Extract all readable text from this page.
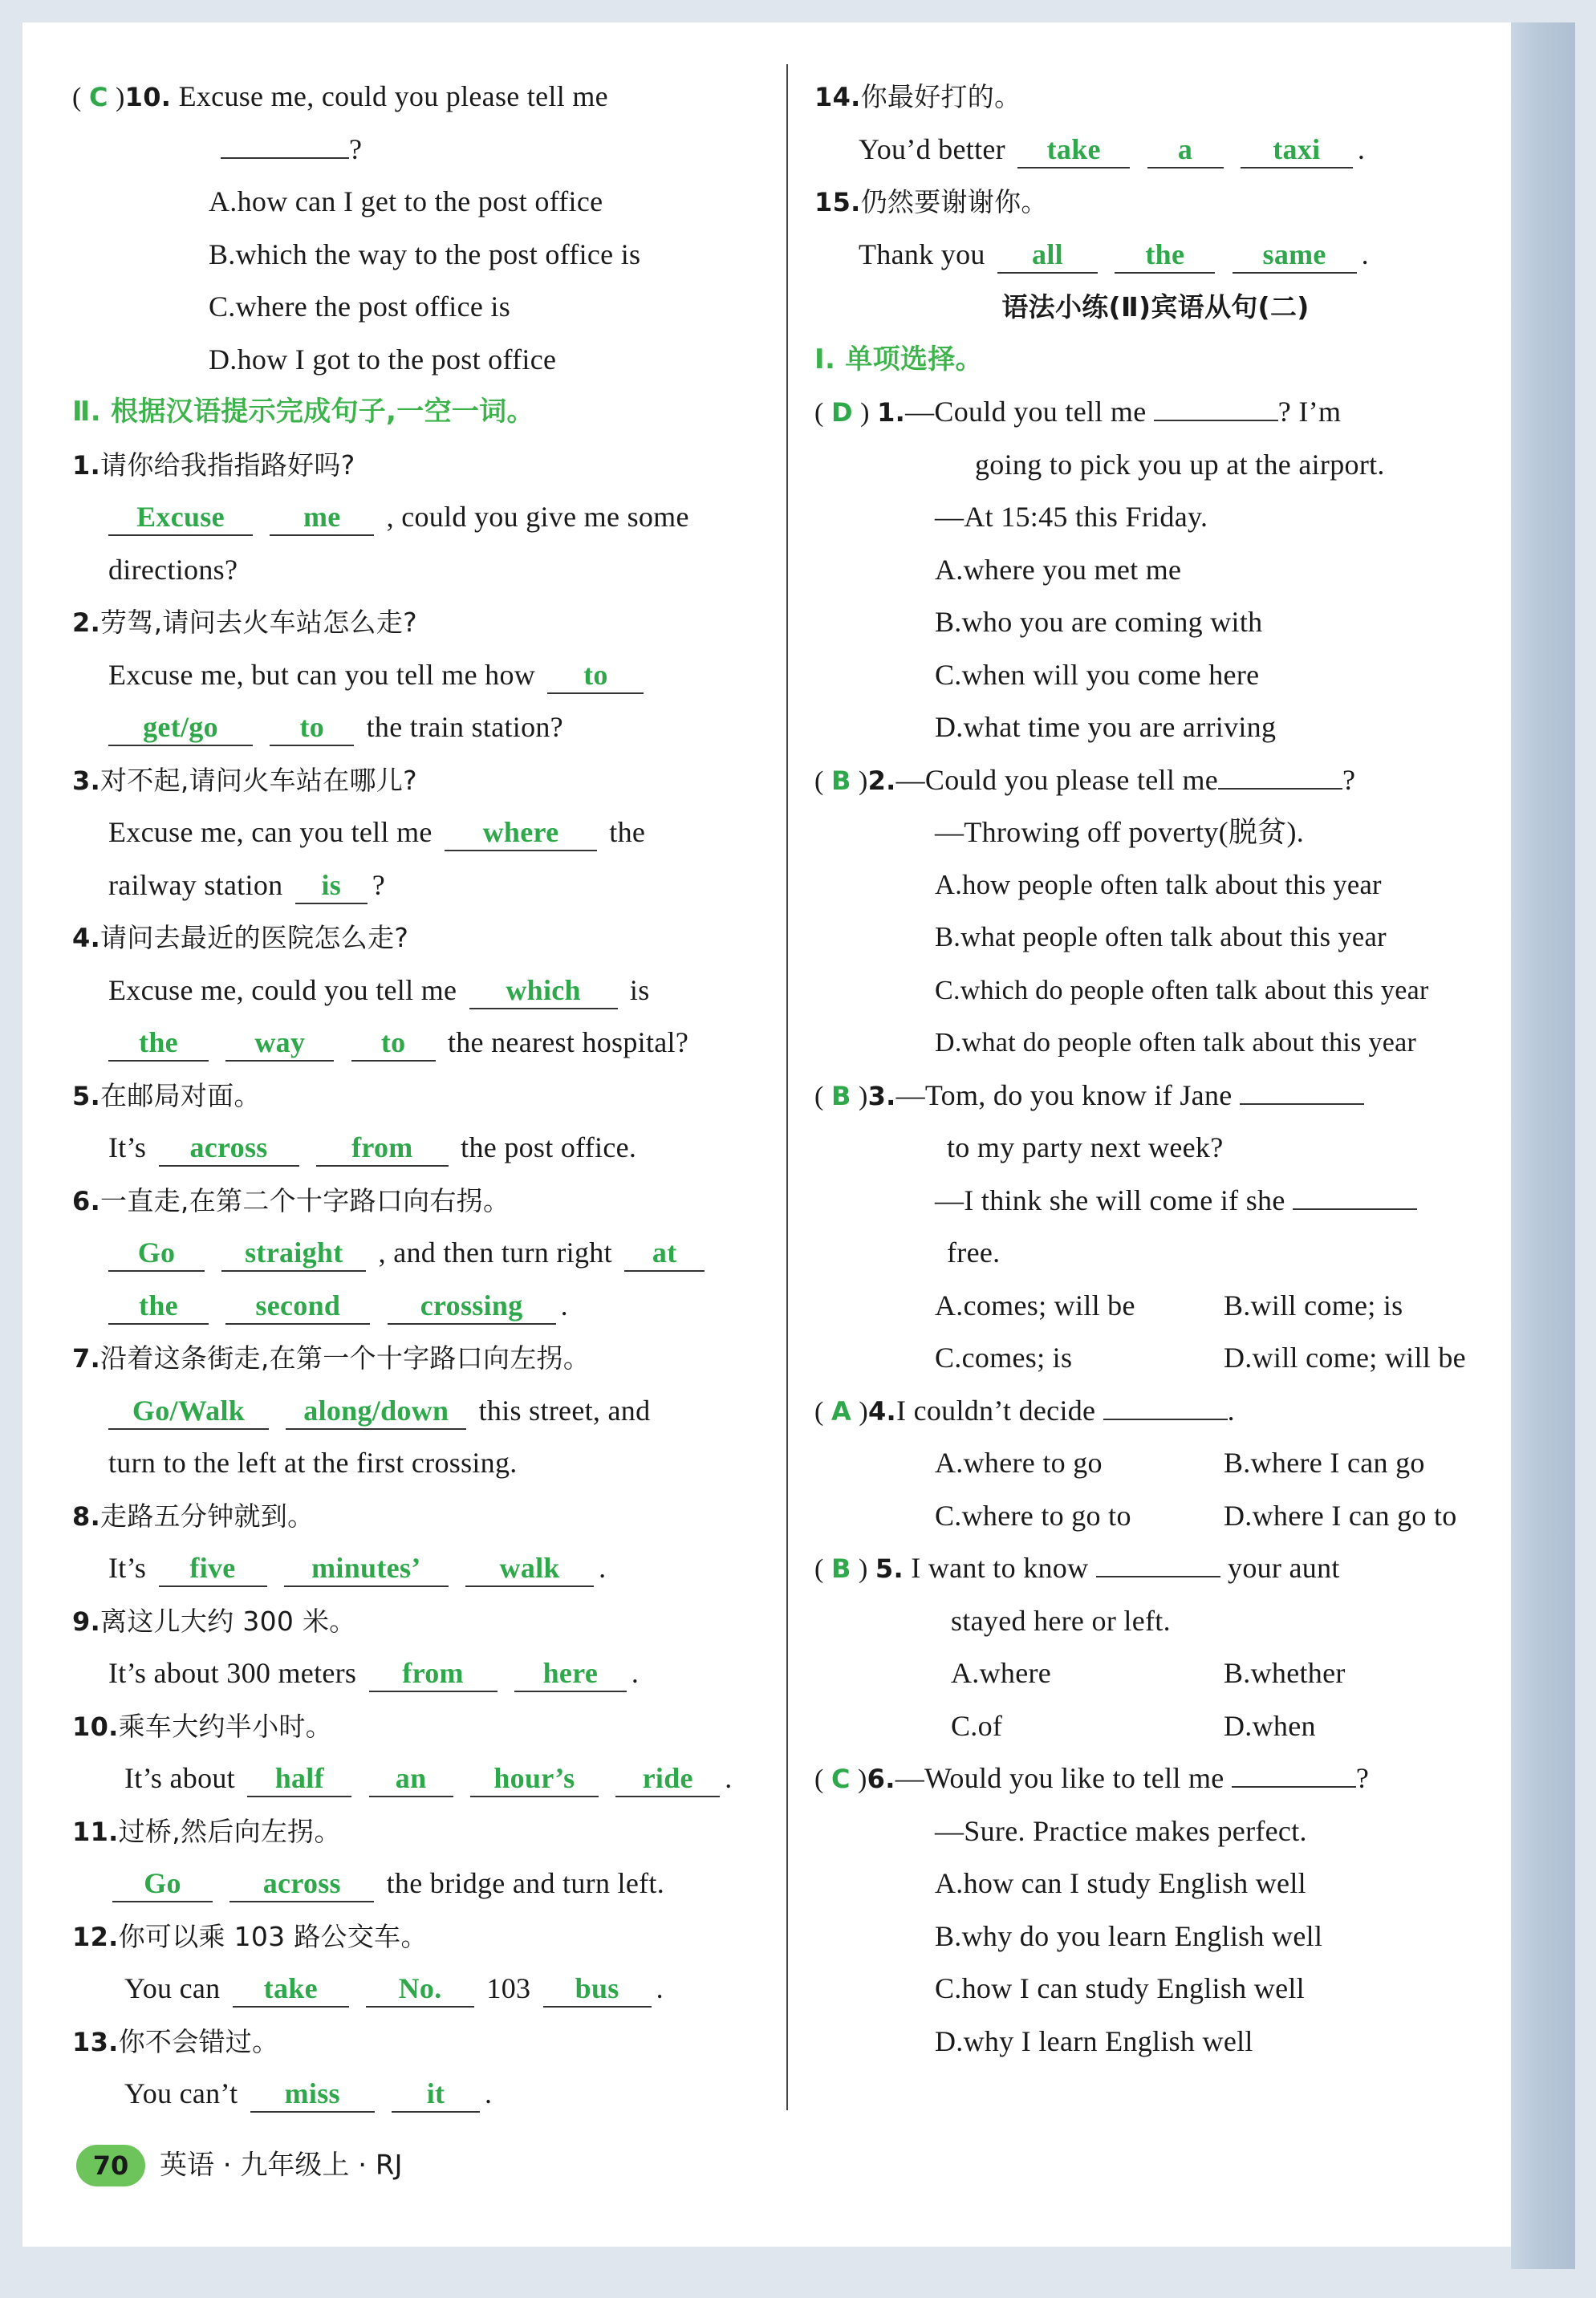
( C )10. Excuse me, could you please tell me
?
A.how can I get to the post office
B.which the way to the post office is
C.where the post office is
D.how I got to the post office
Ⅱ. 根据汉语提示完成句子,一空一词。
1.请你给我指指路好吗?
Excuse	me , could you give me some
directions?
2.劳驾,请问去火车站怎么走?
Excuse me, but can you tell me how to
get/go	to the train station?
3.对不起,请问火车站在哪儿?
Excuse me, can you tell me where the
railway station is ?
4.请问去最近的医院怎么走?
Excuse me, could you tell me which is
the	way	to the nearest hospital?
5.在邮局对面。
It’s across	from the post office.
6.一直走,在第二个十字路口向右拐。
Go straight , and then turn right at
the	second	crossing .
7.沿着这条街走,在第一个十字路口向左拐。
Go/Walk along/down this street, and
turn to the left at the first crossing.
8.走路五分钟就到。
It’s five	minutes’	walk .
9.离这儿大约 300 米。
It’s about 300 meters from	here .
10.乘车大约半小时。
It’s about half an hour’s ride .
11.过桥,然后向左拐。
Go	across the bridge and turn left.
12.你可以乘 103 路公交车。
You can take	No. 103 bus .
13.你不会错过。
You can’t miss	it .
14.你最好打的。
You’d better take	a	taxi .
15.仍然要谢谢你。
Thank you all	the	same .
语法小练(Ⅱ)宾语从句(二)
Ⅰ. 单项选择。
( D ) 1.—Could you tell me	? I’m
going to pick you up at the airport.
—At 15:45 this Friday.
A.where you met me
B.who you are coming with
C.when will you come here
D.what time you are arriving
( B )2.—Could you please tell me	?
—Throwing off poverty(脱贫).
A.how people often talk about this year
B.what people often talk about this year
C.which do people often talk about this year
D.what do people often talk about this year
( B )3.—Tom, do you know if Jane
to my party next week?
—I think she will come if she
free.
A.comes; will be	B.will come; is
C.comes; is	D.will come; will be
( A )4.I couldn’t decide	.
A.where to go	B.where I can go
C.where to go to	D.where I can go to
( B ) 5. I want to know	your aunt
stayed here or left.
A.where	B.whether
C.of	D.when
( C )6.—Would you like to tell me	?
—Sure. Practice makes perfect.
A.how can I study English well
B.why do you learn English well
C.how I can study English well
D.why I learn English well
70 英语 · 九年级上 · RJ
